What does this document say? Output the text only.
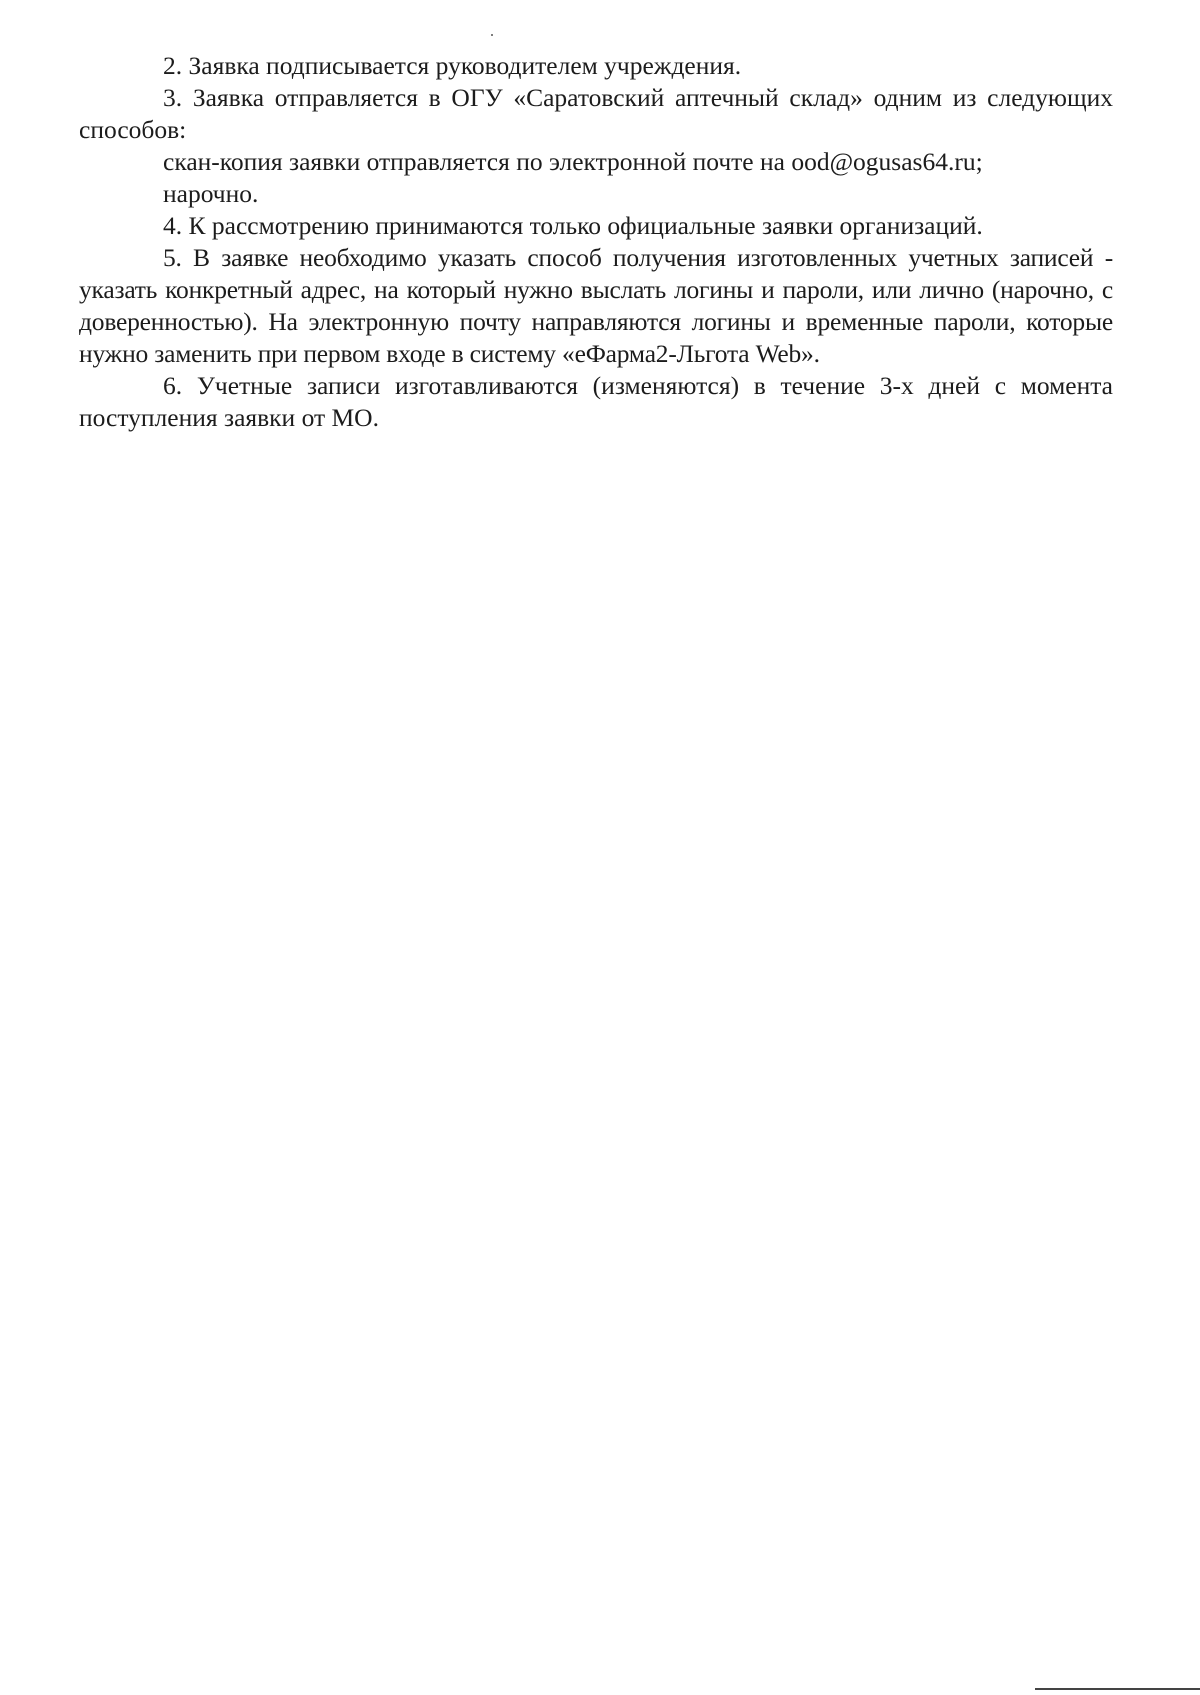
2. Заявка подписывается руководителем учреждения.

3. Заявка отправляется в ОГУ «Саратовский аптечный склад» одним из следующих способов:

скан-копия заявки отправляется по электронной почте на ood@ogusas64.ru;

нарочно.

4. К рассмотрению принимаются только официальные заявки организаций.

5. В заявке необходимо указать способ получения изготовленных учетных записей - указать конкретный адрес, на который нужно выслать логины и пароли, или лично (нарочно, с доверенностью). На электронную почту направляются логины и временные пароли, которые нужно заменить при первом входе в систему «еФарма2-Льгота Web».

6. Учетные записи изготавливаются (изменяются) в течение 3-х дней с момента поступления заявки от МО.
